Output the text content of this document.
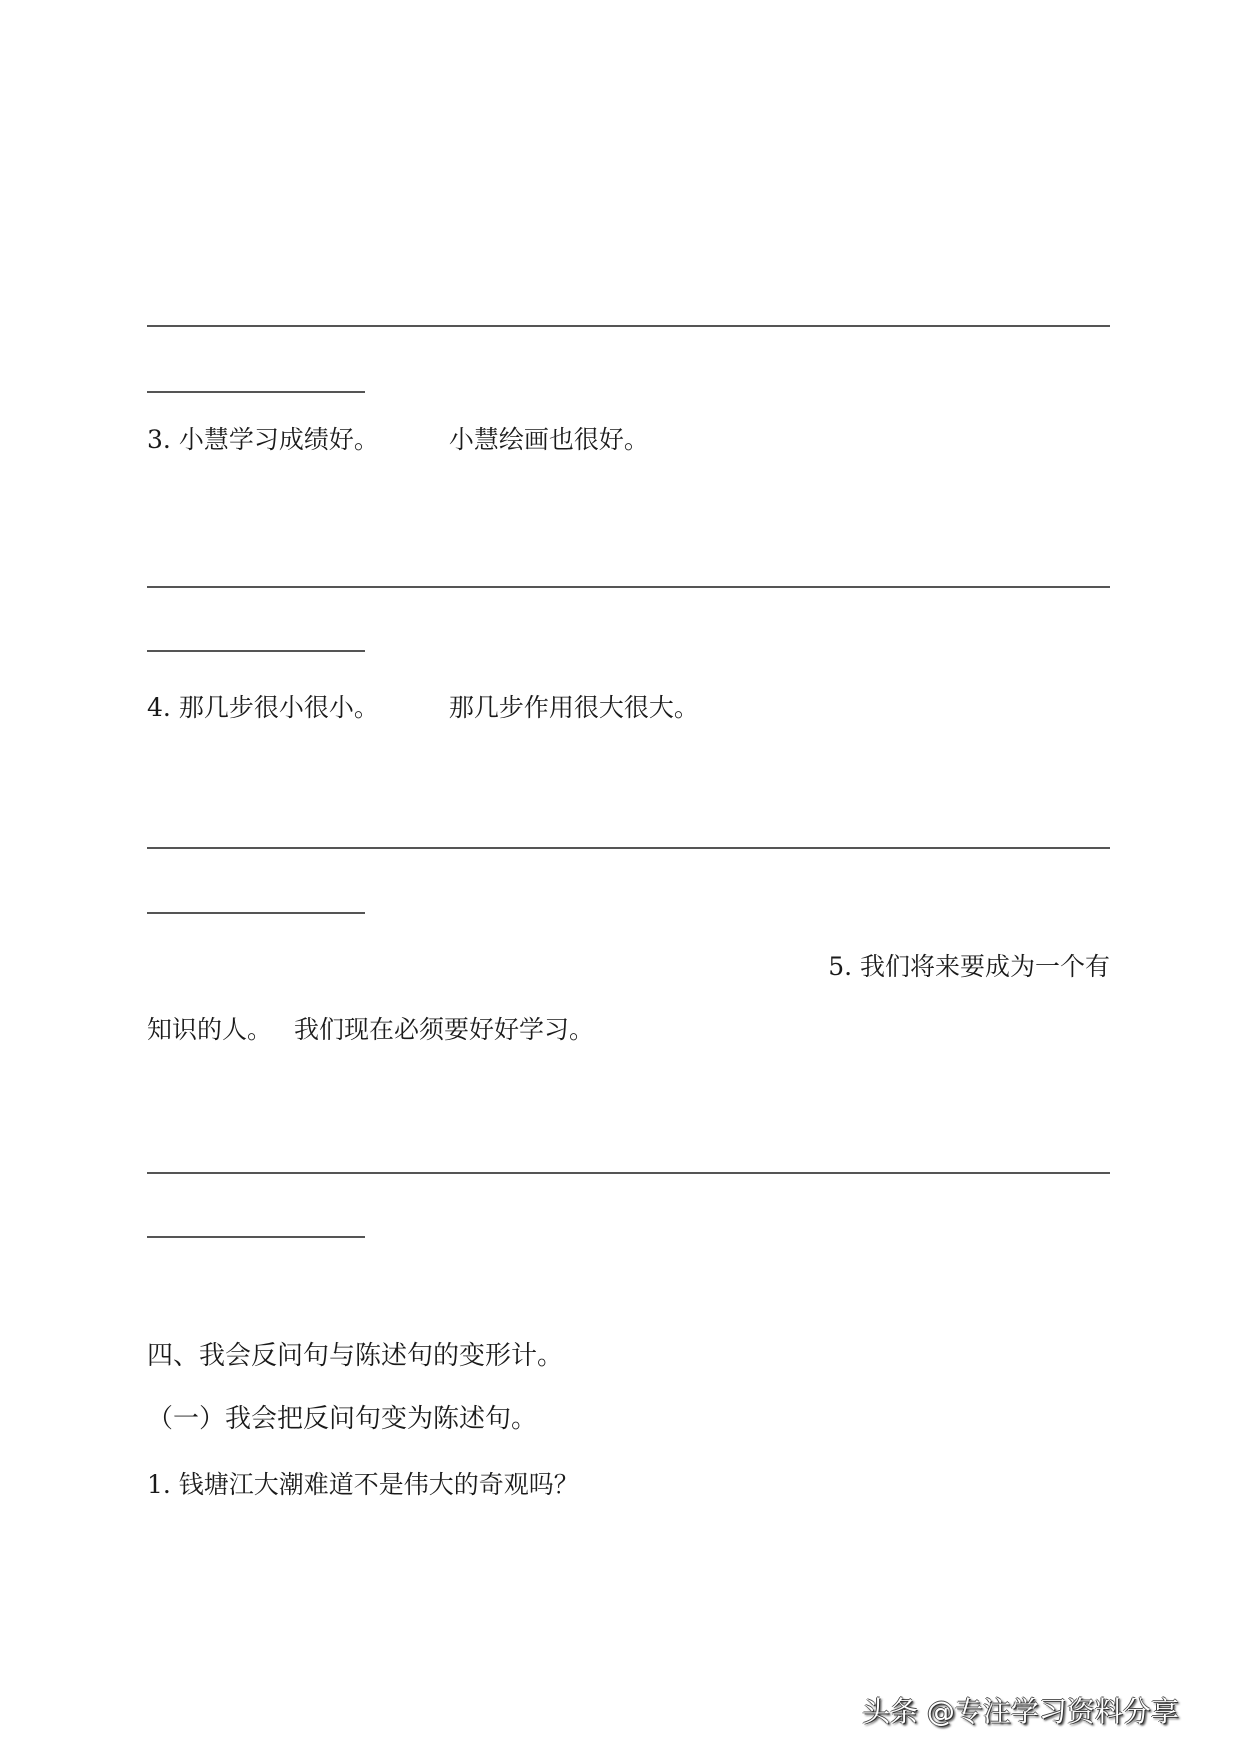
3. 小慧学习成绩好。	小慧绘画也很好。
4. 那几步很小很小。	那几步作用很大很大。
5. 我们将来要成为一个有
知识的人。 我们现在必须要好好学习。
四、我会反问句与陈述句的变形计。
（一）我会把反问句变为陈述句。
1. 钱塘江大潮难道不是伟大的奇观吗？
头条 @专注学习资料分享
